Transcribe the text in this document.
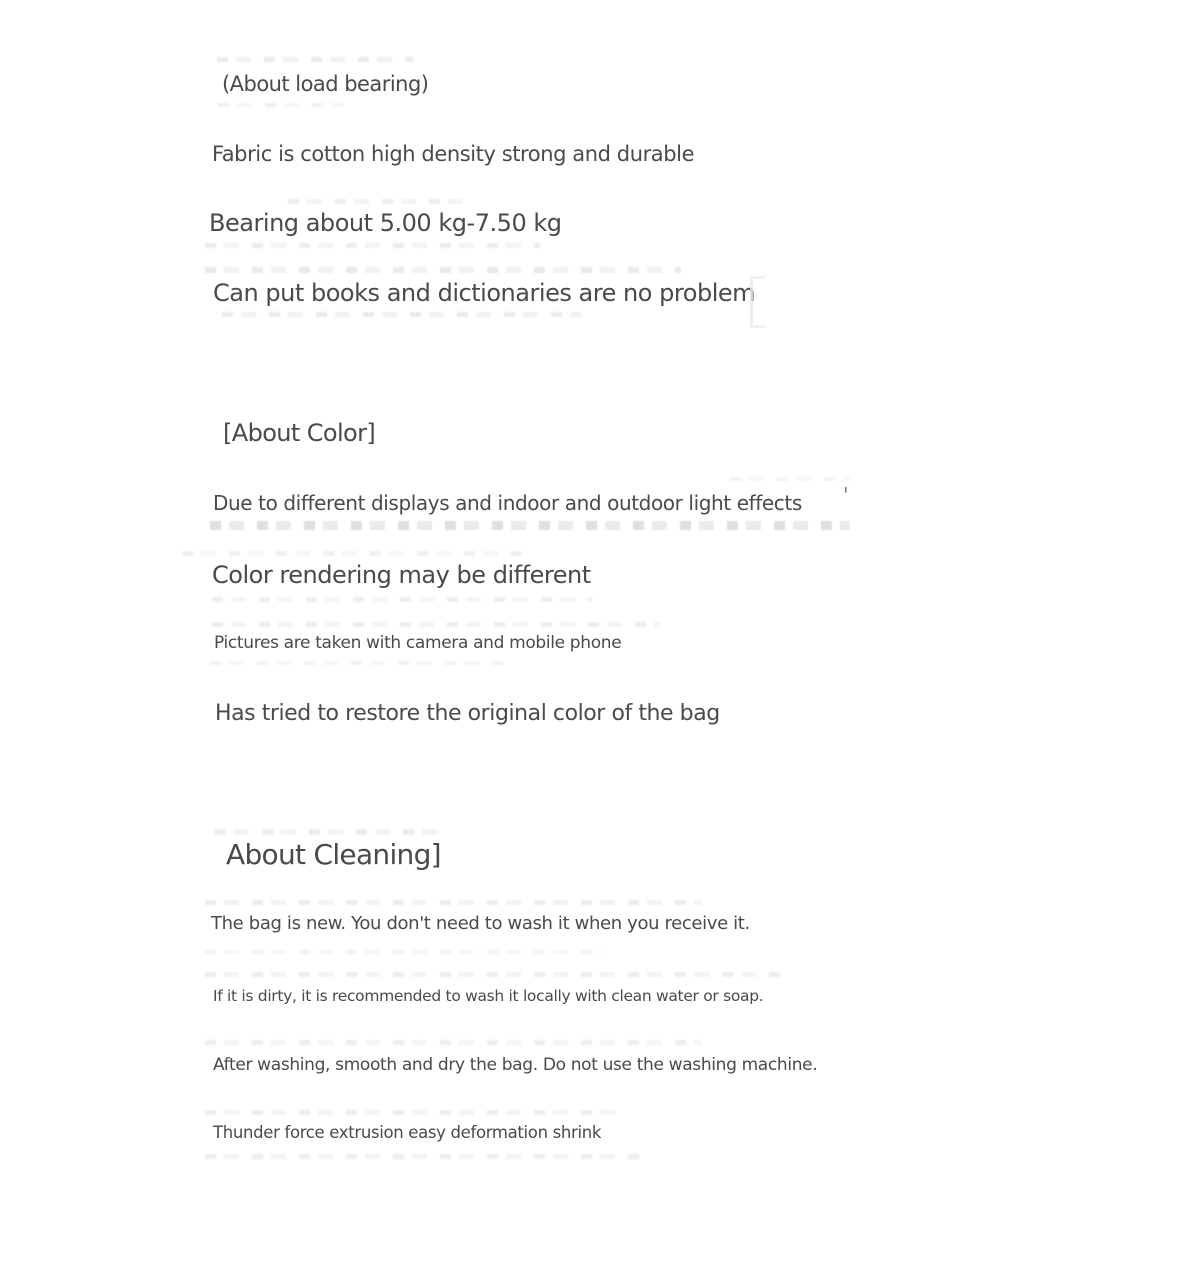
(About load bearing)
Fabric is cotton high density strong and durable
Bearing about 5.00 kg-7.50 kg
Can put books and dictionaries are no problem
[About Color]
Due to different displays and indoor and outdoor light effects
Color rendering may be different
Pictures are taken with camera and mobile phone
Has tried to restore the original color of the bag
About Cleaning]
The bag is new. You don't need to wash it when you receive it.
If it is dirty, it is recommended to wash it locally with clean water or soap.
After washing, smooth and dry the bag. Do not use the washing machine.
Thunder force extrusion easy deformation shrink
'
